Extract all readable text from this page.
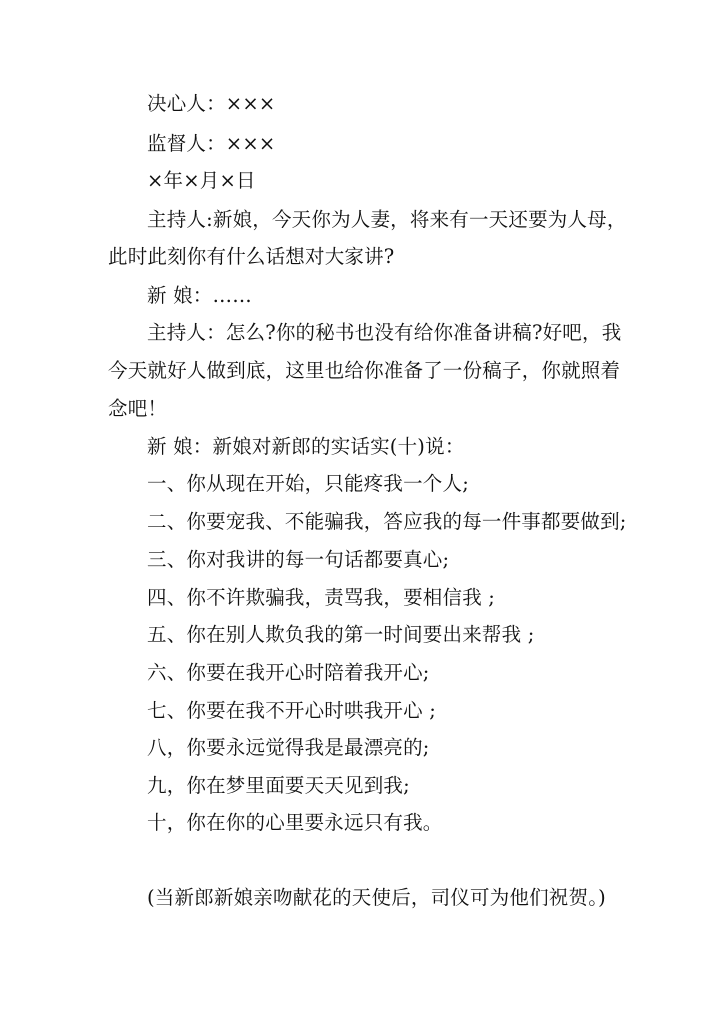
决心人：×××
监督人：×××
×年×月×日
主持人:新娘，今天你为人妻，将来有一天还要为人母，
此时此刻你有什么话想对大家讲?
新 娘：……
主持人：怎么?你的秘书也没有给你准备讲稿?好吧，我
今天就好人做到底，这里也给你准备了一份稿子，你就照着
念吧！
新 娘：新娘对新郎的实话实(十)说：
一、你从现在开始，只能疼我一个人;
二、你要宠我、不能骗我，答应我的每一件事都要做到;
三、你对我讲的每一句话都要真心;
四、你不许欺骗我，责骂我，要相信我 ;
五、你在别人欺负我的第一时间要出来帮我 ;
六、你要在我开心时陪着我开心;
七、你要在我不开心时哄我开心 ;
八，你要永远觉得我是最漂亮的;
九，你在梦里面要天天见到我;
十，你在你的心里要永远只有我。
(当新郎新娘亲吻献花的天使后，司仪可为他们祝贺。)
